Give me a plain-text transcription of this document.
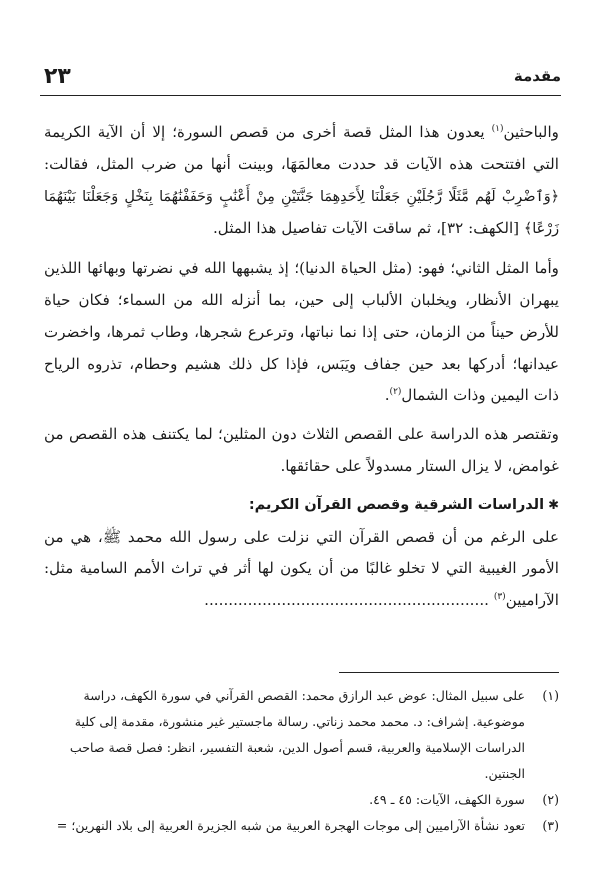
مقدمة
٢٣

والباحثين$^{(١)}$ يعدون هذا المثل قصة أخرى من قصص السورة؛ إلا أن الآية الكريمة التي افتتحت هذه الآيات قد حددت معالمَهَا، وبينت أنها من ضرب المثل، فقالت: ﴿وَٱضْرِبْ لَهُم مَّثَلًا رَّجُلَيْنِ جَعَلْنَا لِأَحَدِهِمَا جَنَّتَيْنِ مِنْ أَعْنَٰبٍ وَحَفَفْنَٰهُمَا بِنَخْلٍ وَجَعَلْنَا بَيْنَهُمَا زَرْعًا﴾ [الكهف: ٣٢]، ثم ساقت الآيات تفاصيل هذا المثل.

وأما المثل الثاني؛ فهو: (مثل الحياة الدنيا)؛ إذ يشبهها الله في نضرتها وبهائها اللذين يبهران الأنظار، ويخلبان الألباب إلى حين، بما أنزله الله من السماء؛ فكان حياة للأرض حيناً من الزمان، حتى إذا نما نباتها، وترعرع شجرها، وطاب ثمرها، واخضرت عيدانها؛ أدركها بعد حين جفاف ويَبَس، فإذا كل ذلك هشيم وحطام، تذروه الرياح ذات اليمين وذات الشمال$^{(٢)}$.

وتقتصر هذه الدراسة على القصص الثلاث دون المثلين؛ لما يكتنف هذه القصص من غوامض، لا يزال الستار مسدولاً على حقائقها.

✱الدراسات الشرقية وقصص القرآن الكريم:

على الرغم من أن قصص القرآن التي نزلت على رسول الله محمد ﷺ، هي من الأمور الغيبية التي لا تخلو غالبًا من أن يكون لها أثر في تراث الأمم السامية مثل: الآراميين$^{(٣)}$ ...........................................................

(١)
على سبيل المثال: عوض عبد الرازق محمد: القصص القرآني في سورة الكهف، دراسة

موضوعية. إشراف: د. محمد محمد زناتي. رسالة ماجستير غير منشورة، مقدمة إلى كلية الدراسات الإسلامية والعربية، قسم أصول الدين، شعبة التفسير، انظر: فصل قصة صاحب الجنتين.

(٢)
سورة الكهف، الآيات: ٤٥ ـ ٤٩.
(٣)
تعود نشأة الآراميين إلى موجات الهجرة العربية من شبه الجزيرة العربية إلى بلاد النهرين؛ =
